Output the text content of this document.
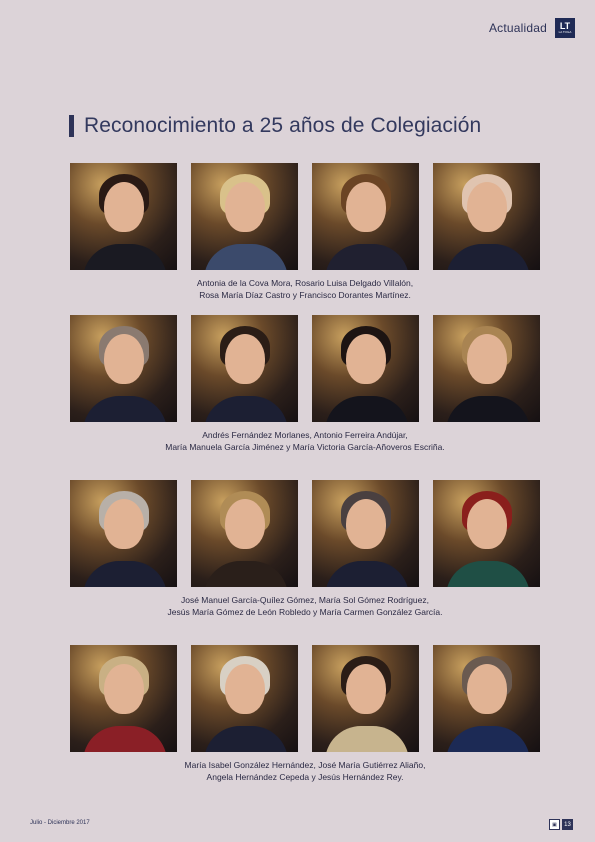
Actualidad LT
LA TOGA
Reconocimiento a 25 años de Colegiación
Antonia de la Cova Mora, Rosario Luisa Delgado Villalón,
Rosa María Díaz Castro y Francisco Dorantes Martínez.
Andrés Fernández Morlanes, Antonio Ferreira Andújar,
María Manuela García Jiménez y María Victoria García-Añoveros Escriña.
José Manuel García-Quílez Gómez, María Sol Gómez Rodríguez,
Jesús María Gómez de León Robledo y María Carmen González García.
María Isabel González Hernández, José María Gutiérrez Aliaño,
Angela Hernández Cepeda y Jesús Hernández Rey.
Julio - Diciembre 2017	▣	13
